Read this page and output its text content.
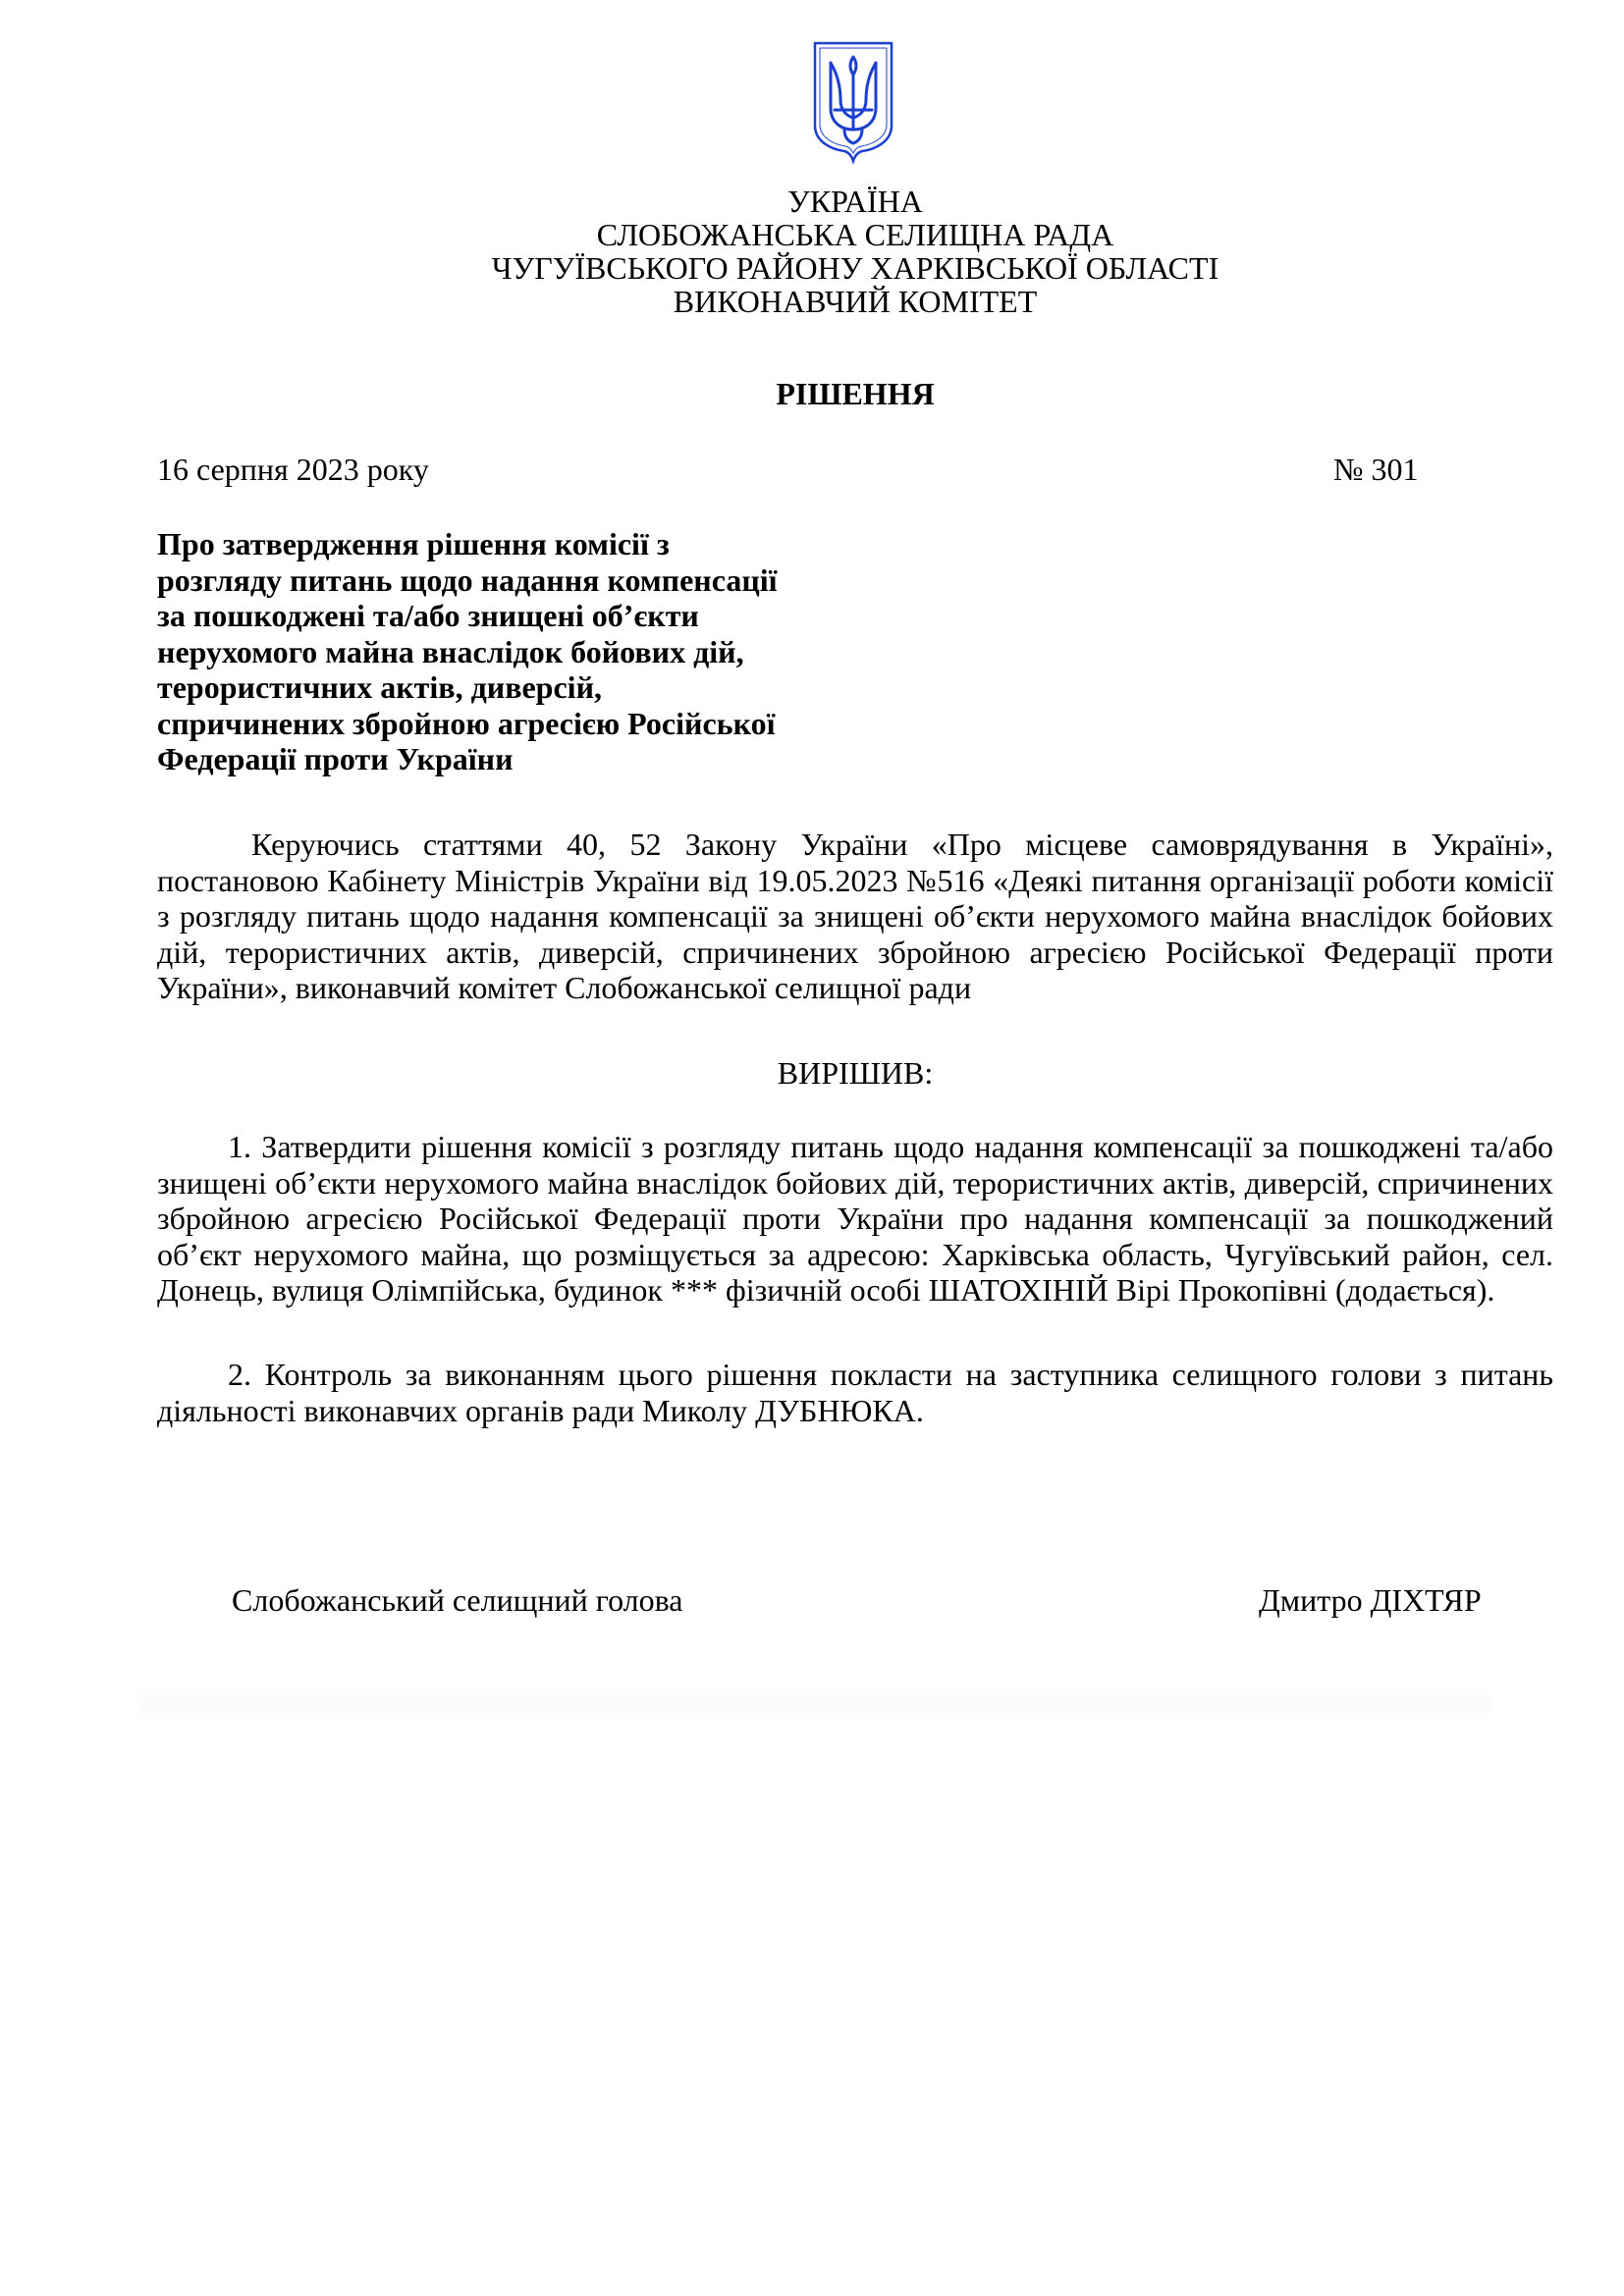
УКРАЇНА
СЛОБОЖАНСЬКА СЕЛИЩНА РАДА
ЧУГУЇВСЬКОГО РАЙОНУ ХАРКІВСЬКОЇ ОБЛАСТІ
ВИКОНАВЧИЙ КОМІТЕТ
РІШЕННЯ
16 серпня 2023 року	№ 301
Про затвердження рішення комісії з
розгляду питань щодо надання компенсації
за пошкоджені та/або знищені об’єкти
нерухомого майна внаслідок бойових дій,
терористичних актів, диверсій,
спричинених збройною агресією Російської
Федерації проти України

Керуючись статтями 40, 52 Закону України «Про місцеве самоврядування в Україні», постановою Кабінету Міністрів України від 19.05.2023 №516 «Деякі питання організації роботи комісії з розгляду питань щодо надання компенсації за знищені об’єкти нерухомого майна внаслідок бойових дій, терористичних актів, диверсій, спричинених збройною агресією Російської Федерації проти України», виконавчий комітет Слобожанської селищної ради

ВИРІШИВ:

1. Затвердити рішення комісії з розгляду питань щодо надання компенсації за пошкоджені та/або знищені об’єкти нерухомого майна внаслідок бойових дій, терористичних актів, диверсій, спричинених збройною агресією Російської Федерації проти України про надання компенсації за пошкоджений об’єкт нерухомого майна, що розміщується за адресою: Харківська область, Чугуївський район, сел. Донець, вулиця Олімпійська, будинок *** фізичній особі ШАТОХІНІЙ Вірі Прокопівні (додається).

2. Контроль за виконанням цього рішення покласти на заступника селищного голови з питань діяльності виконавчих органів ради Миколу ДУБНЮКА.

Слобожанський селищний голова	Дмитро ДІХТЯР
